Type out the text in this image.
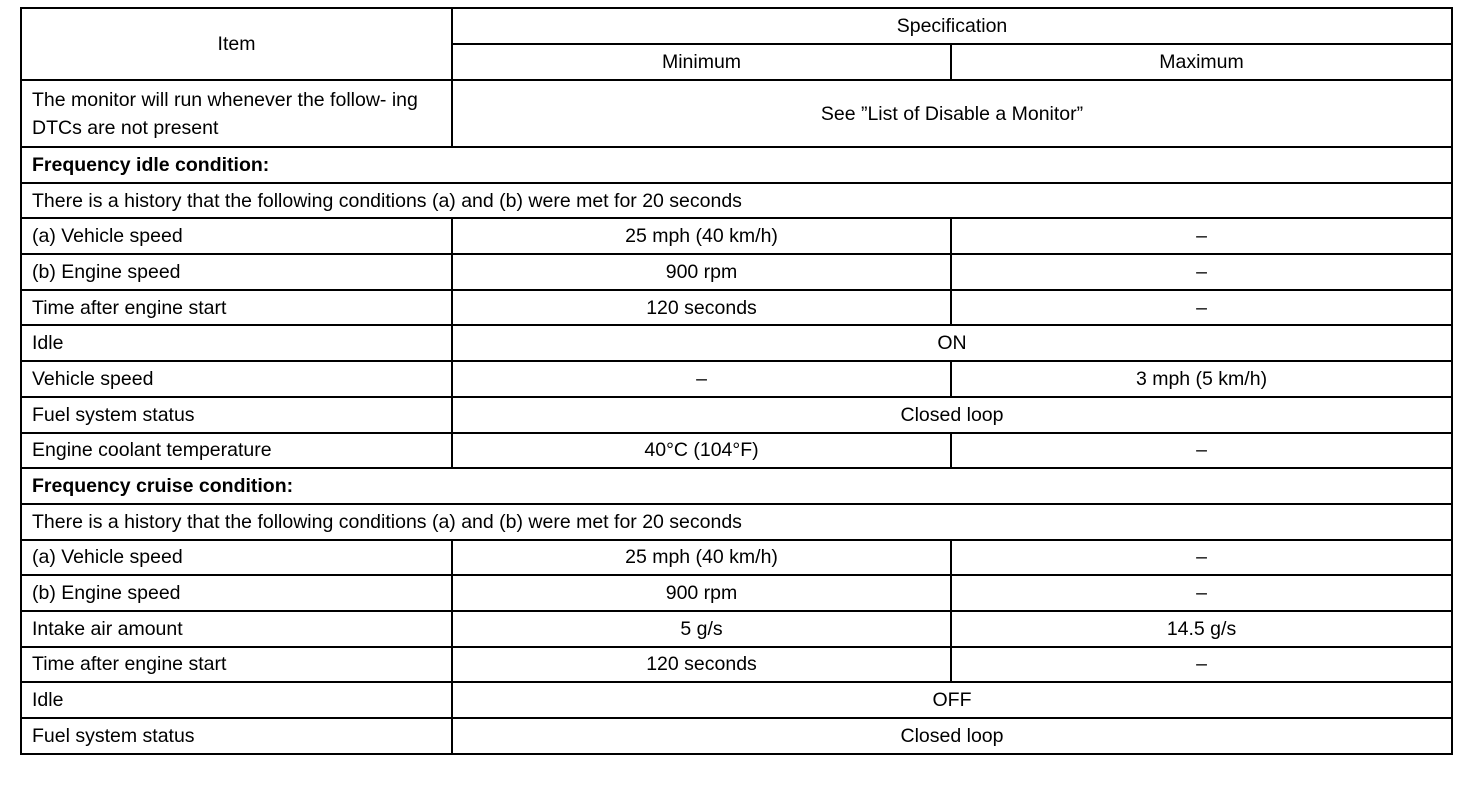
Item	Specification	
	Minimum	Maximum
The monitor will run whenever the follow- ing DTCs are not present	See ”List of Disable a Monitor”	
Frequency idle condition:		
There is a history that the following conditions (a) and (b) were met for 20 seconds		
(a) Vehicle speed	25 mph (40 km/h)	–
(b) Engine speed	900 rpm	–
Time after engine start	120 seconds	–
Idle	ON	
Vehicle speed	–	3 mph (5 km/h)
Fuel system status	Closed loop	
Engine coolant temperature	40°C (104°F)	–
Frequency cruise condition:		
There is a history that the following conditions (a) and (b) were met for 20 seconds		
(a) Vehicle speed	25 mph (40 km/h)	–
(b) Engine speed	900 rpm	–
Intake air amount	5 g/s	14.5 g/s
Time after engine start	120 seconds	–
Idle	OFF	
Fuel system status	Closed loop	
